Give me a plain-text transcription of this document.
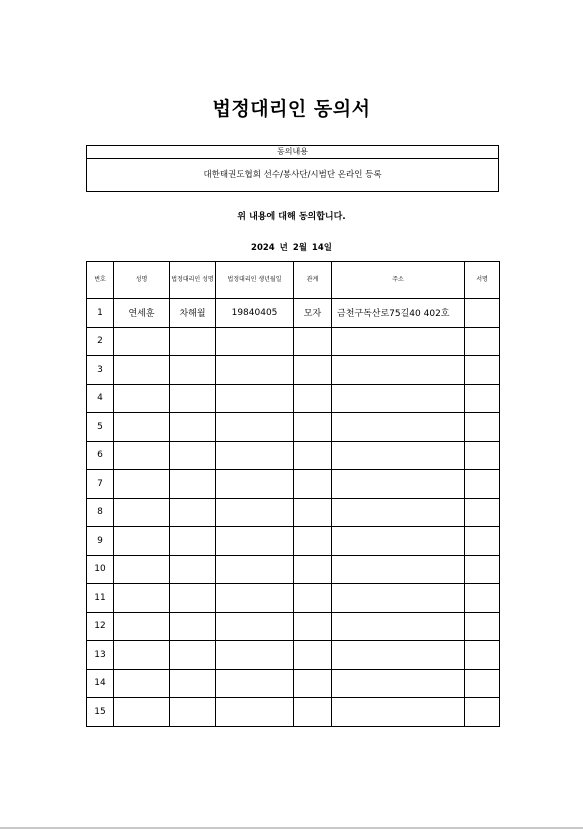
법정대리인 동의서
동의내용
대한태권도협회 선수/봉사단/시범단 온라인 등록
위 내용에 대해 동의합니다.
2024 년 2월 14일
번호	성명	법정대리인 성명	법정대리인 생년월일	관계	주소	서명
1	연세훈	차해월	19840405	모자	금천구독산로75길40 402호	
2						
3						
4						
5						
6						
7						
8						
9						
10						
11						
12						
13						
14						
15						
